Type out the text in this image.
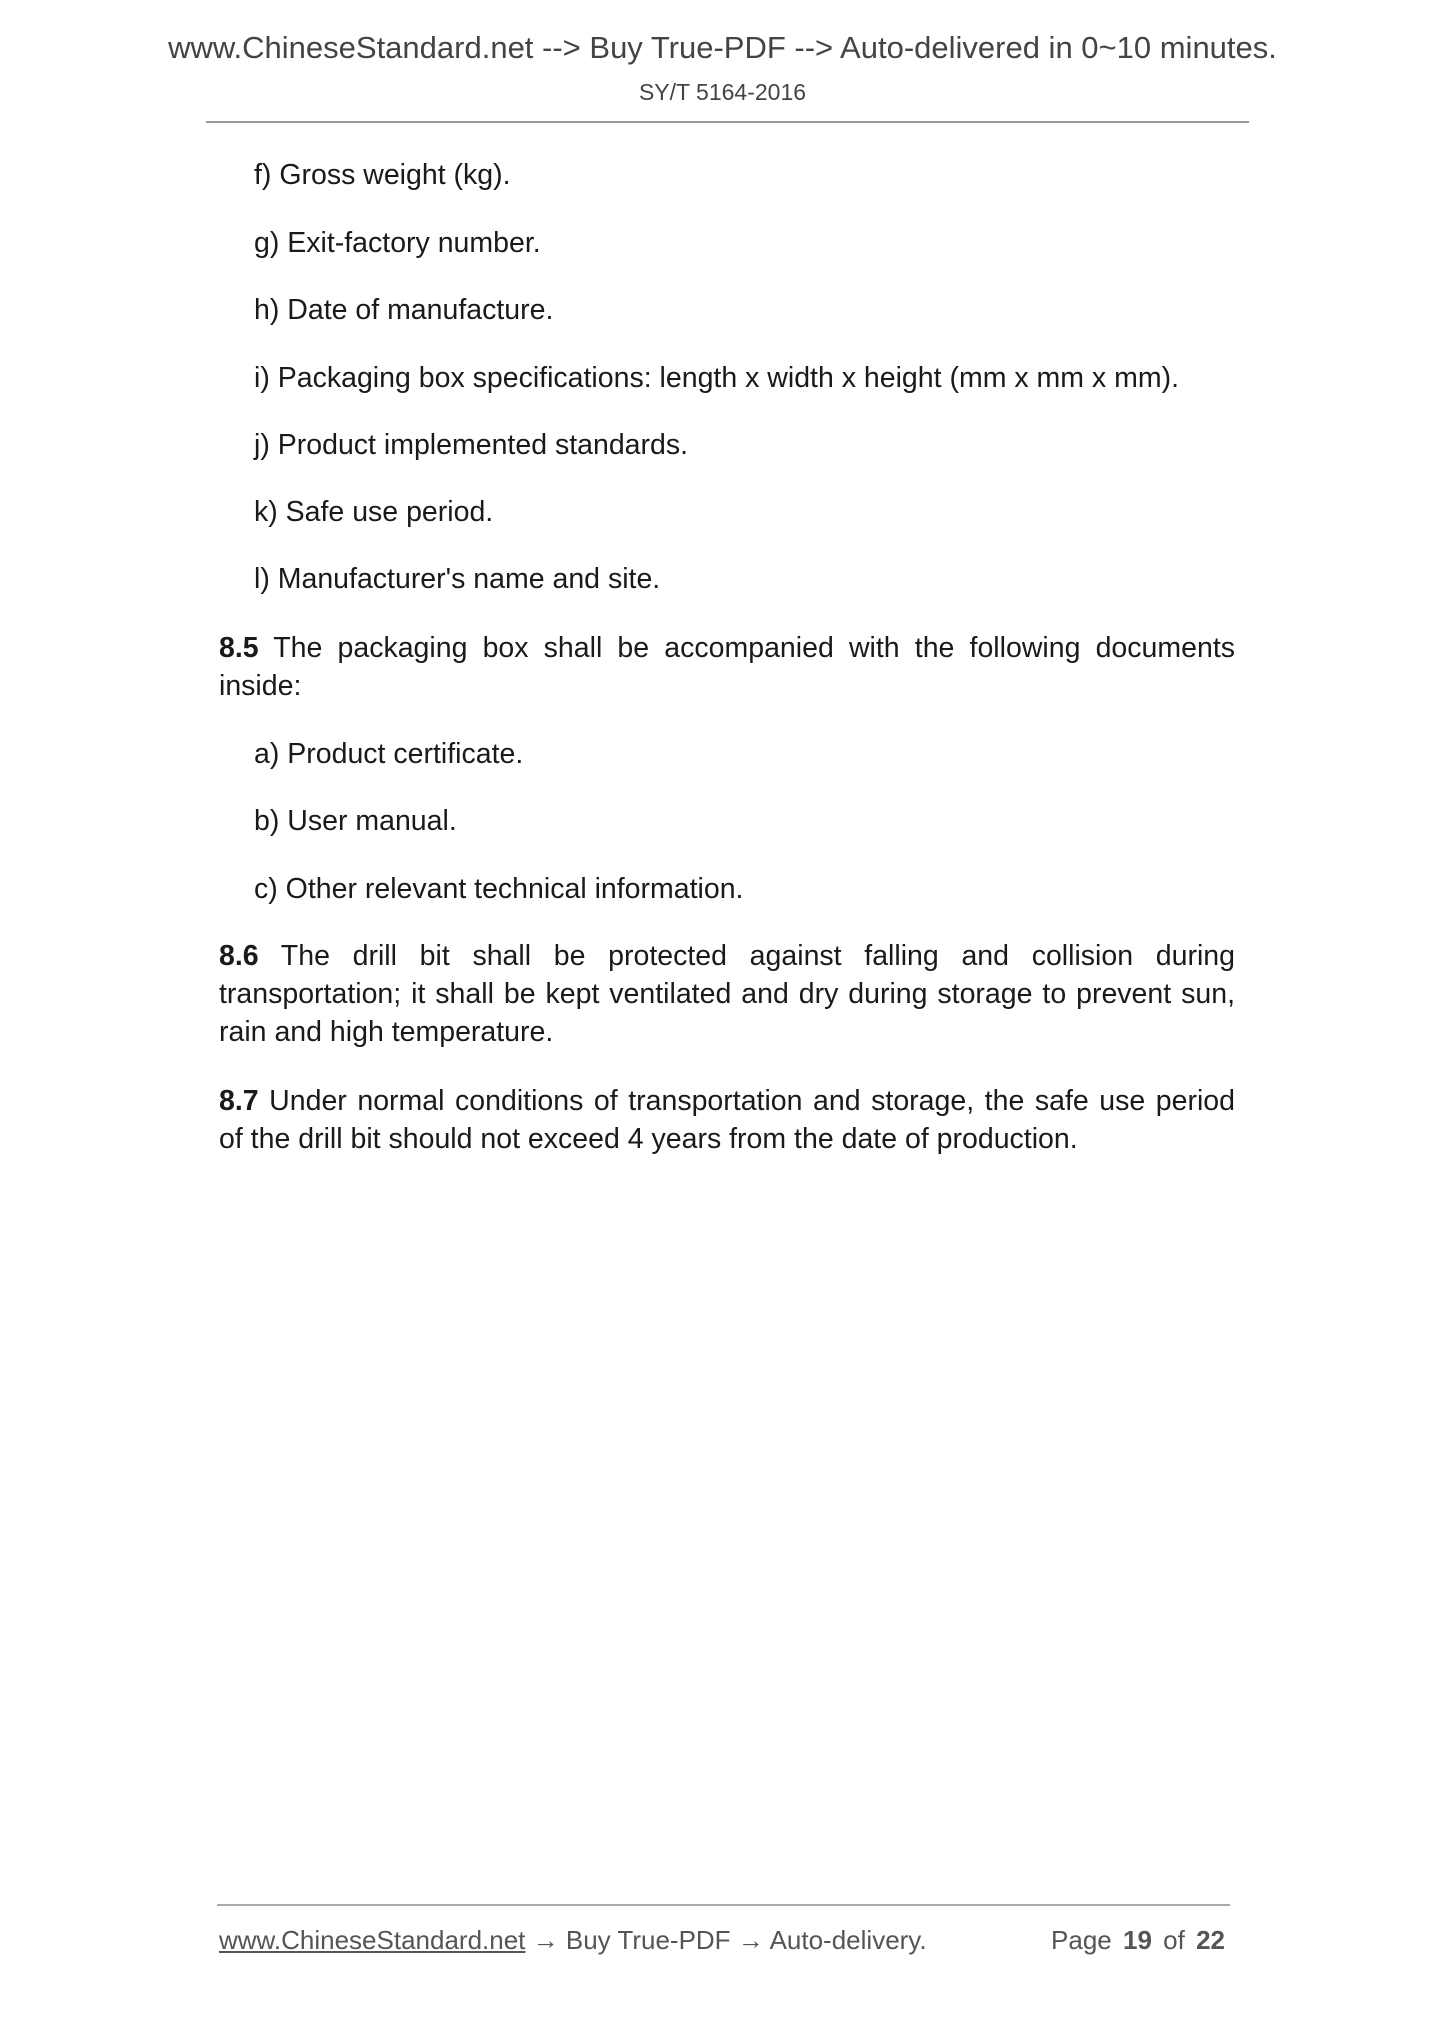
www.ChineseStandard.net --> Buy True-PDF --> Auto-delivered in 0~10 minutes.
SY/T 5164-2016

f) Gross weight (kg).

g) Exit-factory number.

h) Date of manufacture.

i) Packaging box specifications: length x width x height (mm x mm x mm).

j) Product implemented standards.

k) Safe use period.

l) Manufacturer's name and site.

8.5 The packaging box shall be accompanied with the following documents inside:

a) Product certificate.

b) User manual.

c) Other relevant technical information.

8.6 The drill bit shall be protected against falling and collision during transportation; it shall be kept ventilated and dry during storage to prevent sun, rain and high temperature.

8.7 Under normal conditions of transportation and storage, the safe use period of the drill bit should not exceed 4 years from the date of production.

www.ChineseStandard.net → Buy True-PDF → Auto-delivery.	Page 19 of 22
